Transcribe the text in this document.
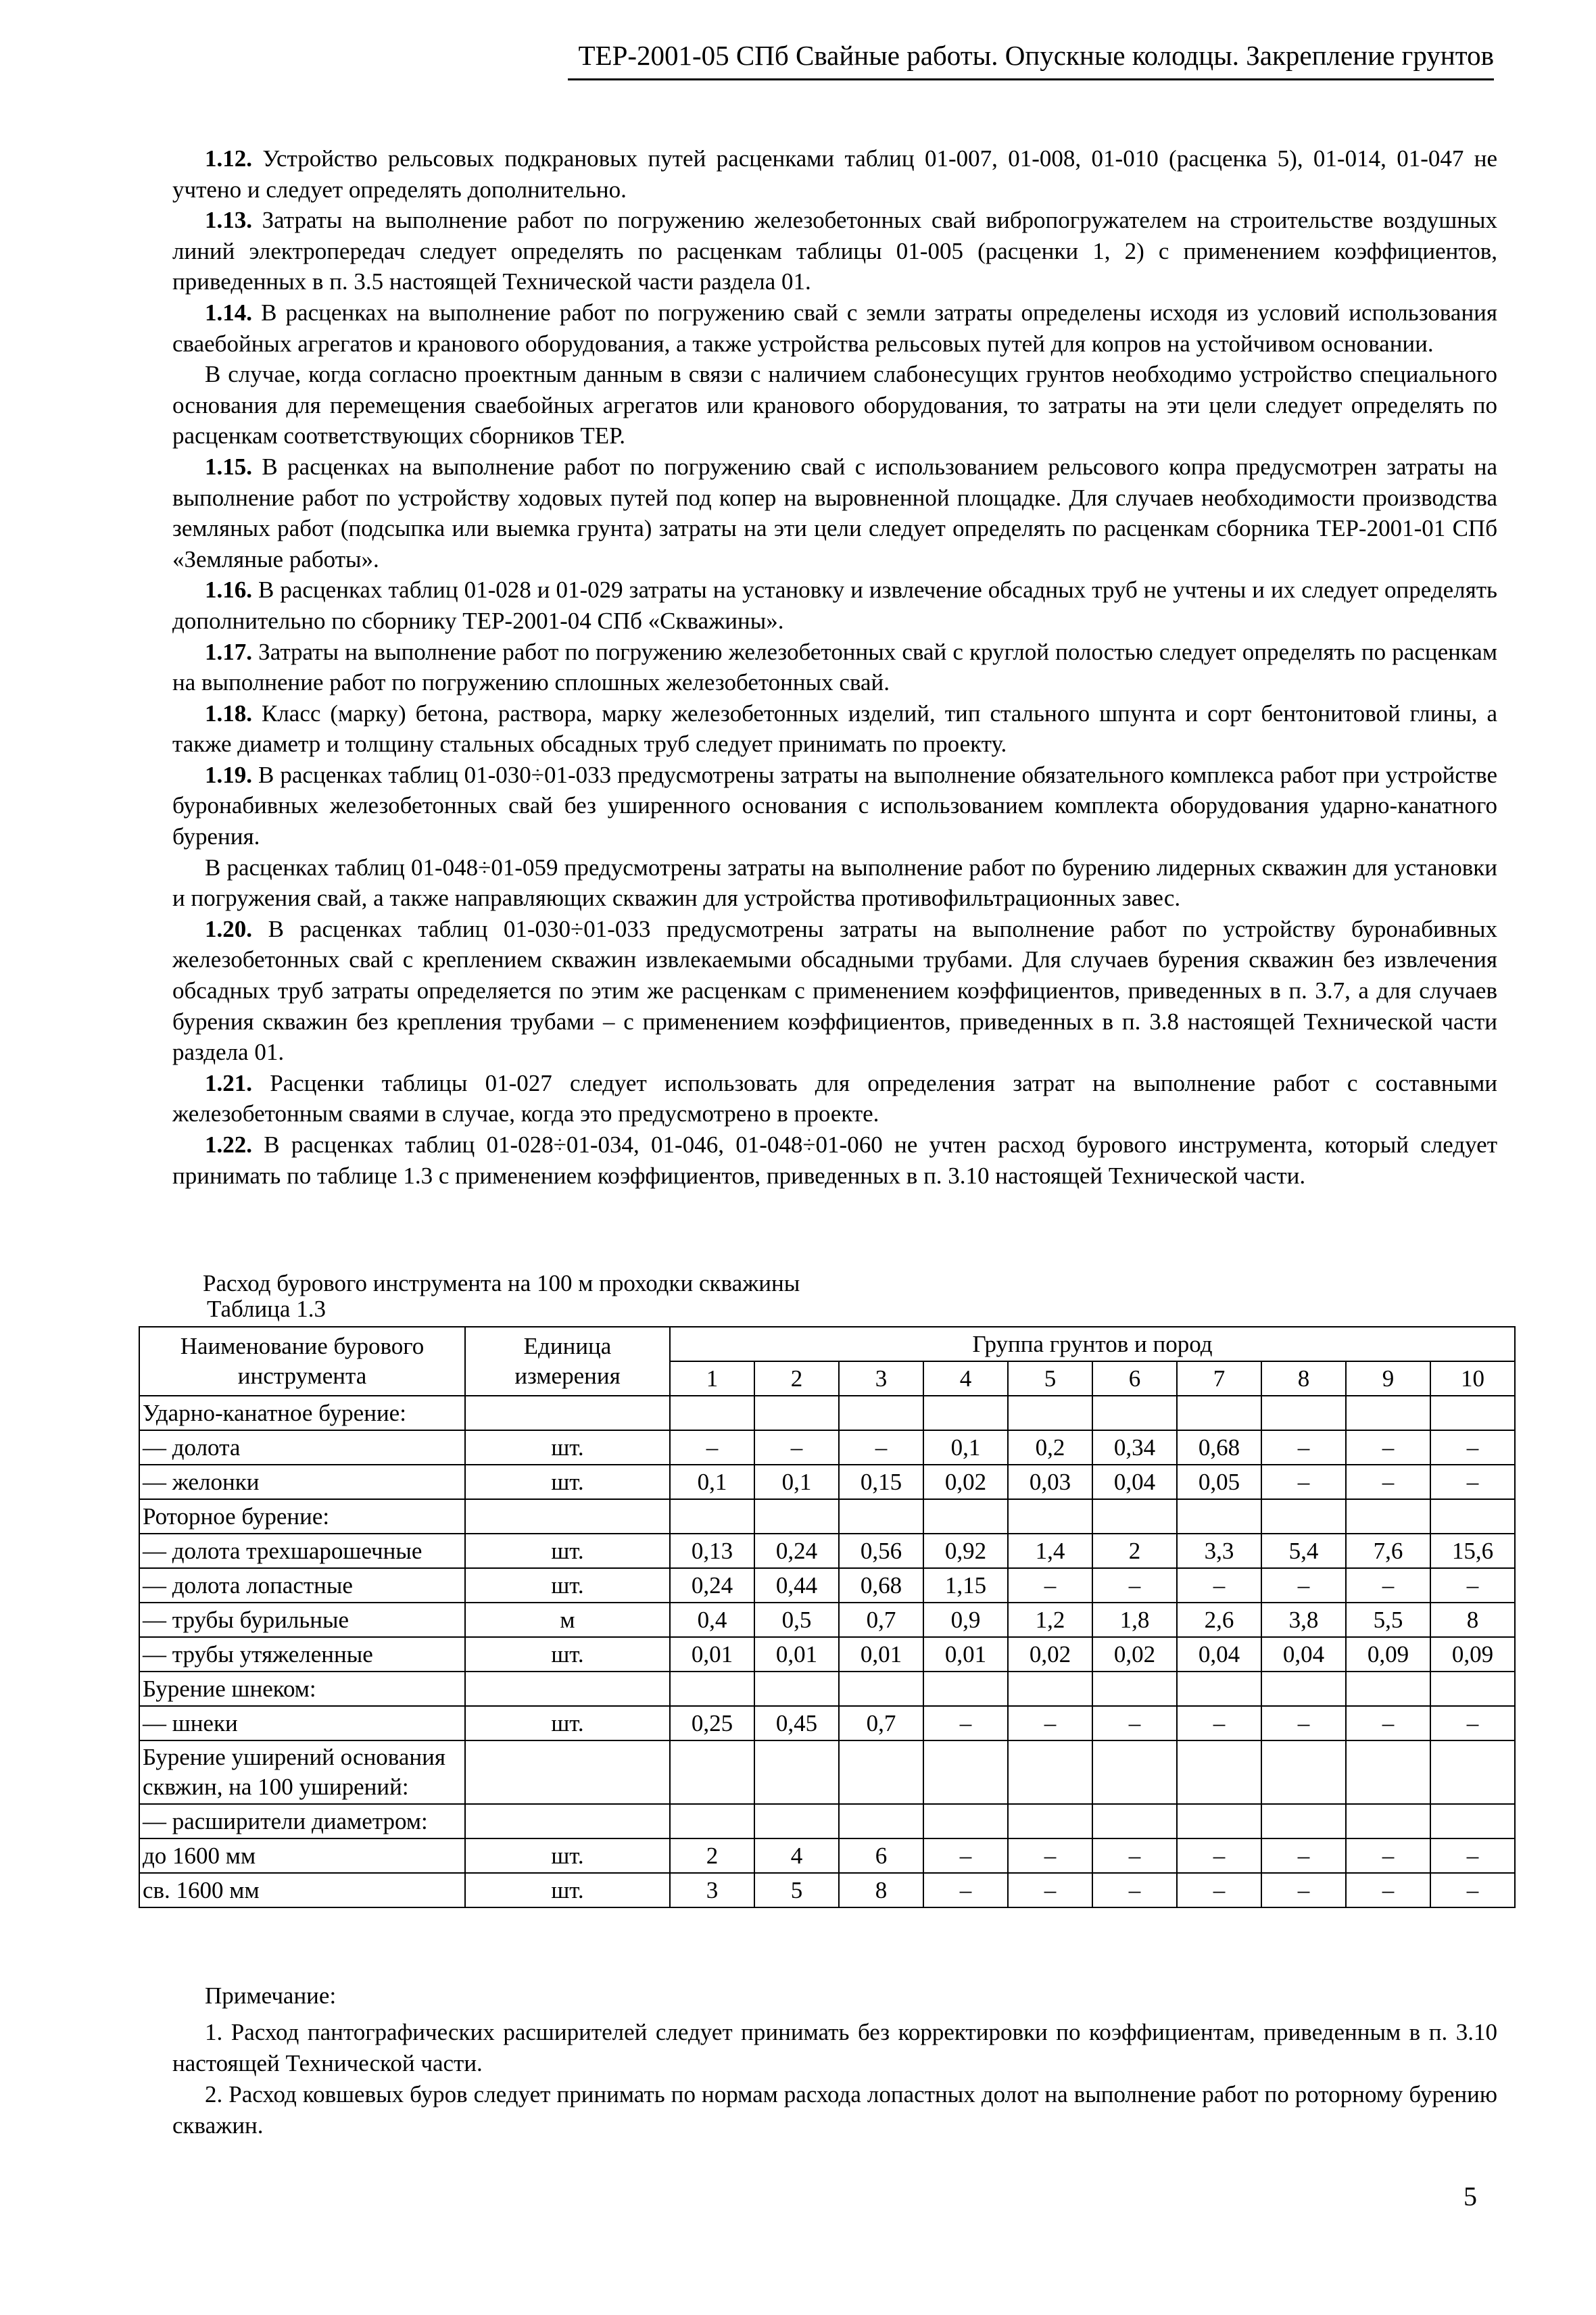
ТЕР-2001-05 СПб Свайные работы. Опускные колодцы. Закрепление грунтов

1.12. Устройство рельсовых подкрановых путей расценками таблиц 01-007, 01-008, 01-010 (расценка 5), 01-014, 01-047 не учтено и следует определять дополнительно.

1.13. Затраты на выполнение работ по погружению железобетонных свай вибропогружателем на строительстве воздушных линий электропередач следует определять по расценкам таблицы 01-005 (расценки 1, 2) с применением коэффициентов, приведенных в п. 3.5 настоящей Технической части раздела 01.

1.14. В расценках на выполнение работ по погружению свай с земли затраты определены исходя из условий использования сваебойных агрегатов и кранового оборудования, а также устройства рельсовых путей для копров на устойчивом основании.

В случае, когда согласно проектным данным в связи с наличием слабонесущих грунтов необходимо устройство специального основания для перемещения сваебойных агрегатов или кранового оборудования, то затраты на эти цели следует определять по расценкам соответствующих сборников ТЕР.

1.15. В расценках на выполнение работ по погружению свай с использованием рельсового копра предусмотрен затраты на выполнение работ по устройству ходовых путей под копер на выровненной площадке. Для случаев необходимости производства земляных работ (подсыпка или выемка грунта) затраты на эти цели следует определять по расценкам сборника ТЕР-2001-01 СПб «Земляные работы».

1.16. В расценках таблиц 01-028 и 01-029 затраты на установку и извлечение обсадных труб не учтены и их следует определять дополнительно по сборнику ТЕР-2001-04 СПб «Скважины».

1.17. Затраты на выполнение работ по погружению железобетонных свай с круглой полостью следует определять по расценкам на выполнение работ по погружению сплошных железобетонных свай.

1.18. Класс (марку) бетона, раствора, марку железобетонных изделий, тип стального шпунта и сорт бентонитовой глины, а также диаметр и толщину стальных обсадных труб следует принимать по проекту.

1.19. В расценках таблиц 01-030÷01-033 предусмотрены затраты на выполнение обязательного комплекса работ при устройстве буронабивных железобетонных свай без уширенного основания с использованием комплекта оборудования ударно-канатного бурения.

В расценках таблиц 01-048÷01-059 предусмотрены затраты на выполнение работ по бурению лидерных скважин для установки и погружения свай, а также направляющих скважин для устройства противофильтрационных завес.

1.20. В расценках таблиц 01-030÷01-033 предусмотрены затраты на выполнение работ по устройству буронабивных железобетонных свай с креплением скважин извлекаемыми обсадными трубами. Для случаев бурения скважин без извлечения обсадных труб затраты определяется по этим же расценкам с применением коэффициентов, приведенных в п. 3.7, а для случаев бурения скважин без крепления трубами – с применением коэффициентов, приведенных в п. 3.8 настоящей Технической части раздела 01.

1.21. Расценки таблицы 01-027 следует использовать для определения затрат на выполнение работ с составными железобетонным сваями в случае, когда это предусмотрено в проекте.

1.22. В расценках таблиц 01-028÷01-034, 01-046, 01-048÷01-060 не учтен расход бурового инструмента, который следует принимать по таблице 1.3 с применением коэффициентов, приведенных в п. 3.10 настоящей Технической части.

Расход бурового инструмента на 100 м проходки скважины
Таблица 1.3
Наименование бурового инструмента	Единица измерения	Группа грунтов и пород									
		1	2	3	4	5	6	7	8	9	10
Ударно-канатное бурение:											
— долота	шт.	–	–	–	0,1	0,2	0,34	0,68	–	–	–
— желонки	шт.	0,1	0,1	0,15	0,02	0,03	0,04	0,05	–	–	–
Роторное бурение:											
— долота трехшарошечные	шт.	0,13	0,24	0,56	0,92	1,4	2	3,3	5,4	7,6	15,6
— долота лопастные	шт.	0,24	0,44	0,68	1,15	–	–	–	–	–	–
— трубы бурильные	м	0,4	0,5	0,7	0,9	1,2	1,8	2,6	3,8	5,5	8
— трубы утяжеленные	шт.	0,01	0,01	0,01	0,01	0,02	0,02	0,04	0,04	0,09	0,09
Бурение шнеком:											
— шнеки	шт.	0,25	0,45	0,7	–	–	–	–	–	–	–
Бурение уширений основания сквжин, на 100 уширений:											
— расширители диаметром:											
до 1600 мм	шт.	2	4	6	–	–	–	–	–	–	–
св. 1600 мм	шт.	3	5	8	–	–	–	–	–	–	–

Примечание:

1. Расход пантографических расширителей следует принимать без корректировки по коэффициентам, приведенным в п. 3.10 настоящей Технической части.

2. Расход ковшевых буров следует принимать по нормам расхода лопастных долот на выполнение работ по роторному бурению скважин.

5
